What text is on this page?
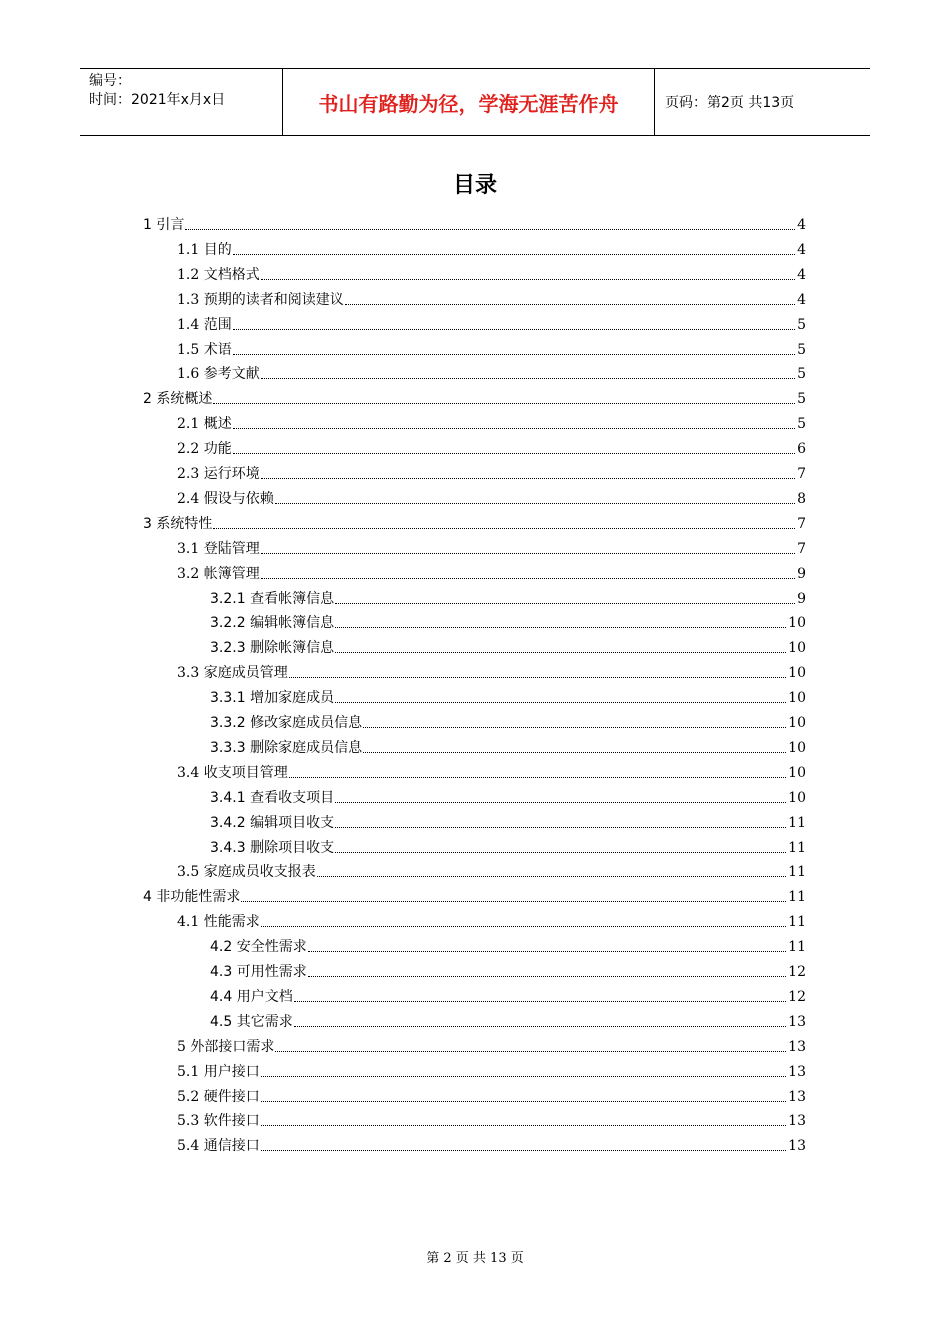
编号：
时间：2021年x月x日	书山有路勤为径，学海无涯苦作舟	页码：第2页 共13页
目录
1 引言	4
1.1 目的	4
1.2 文档格式	4
1.3 预期的读者和阅读建议	4
1.4 范围	5
1.5 术语	5
1.6 参考文献	5
2 系统概述	5
2.1 概述	5
2.2 功能	6
2.3 运行环境	7
2.4 假设与依赖	8
3 系统特性	7
3.1 登陆管理	7
3.2 帐簿管理	9
3.2.1 查看帐簿信息	9
3.2.2 编辑帐簿信息	10
3.2.3 删除帐簿信息	10
3.3 家庭成员管理	10
3.3.1 增加家庭成员	10
3.3.2 修改家庭成员信息	10
3.3.3 删除家庭成员信息	10
3.4 收支项目管理	10
3.4.1 查看收支项目	10
3.4.2 编辑项目收支	11
3.4.3 删除项目收支	11
3.5 家庭成员收支报表	11
4 非功能性需求	11
4.1 性能需求	11
4.2 安全性需求	11
4.3 可用性需求	12
4.4 用户文档	12
4.5 其它需求	13
5 外部接口需求	13
5.1 用户接口	13
5.2 硬件接口	13
5.3 软件接口	13
5.4 通信接口	13
第 2 页 共 13 页
